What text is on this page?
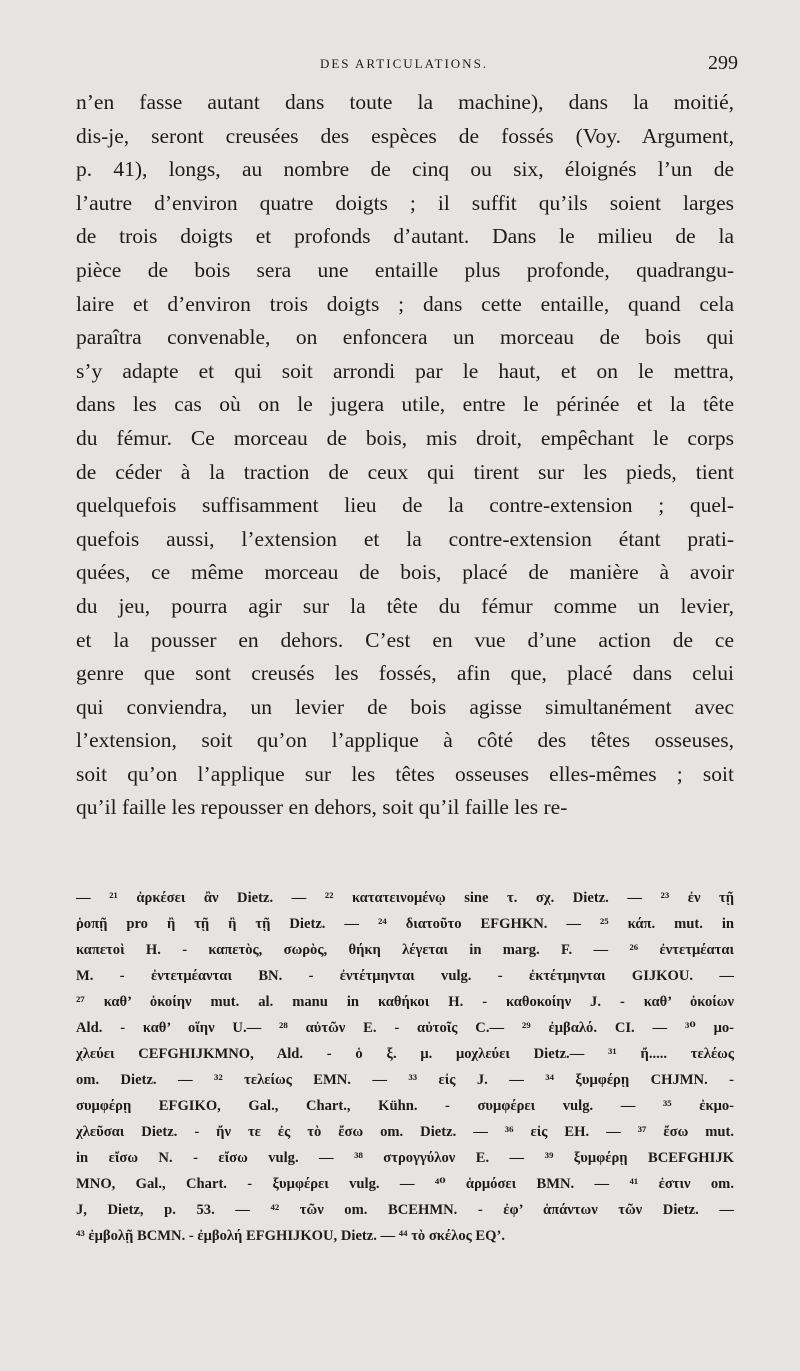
DES ARTICULATIONS.	299
n’en fasse autant dans toute la machine), dans la moitié,
dis-je, seront creusées des espèces de fossés (Voy. Argument,
p. 41), longs, au nombre de cinq ou six, éloignés l’un de
l’autre d’environ quatre doigts ; il suffit qu’ils soient larges
de trois doigts et profonds d’autant. Dans le milieu de la
pièce de bois sera une entaille plus profonde, quadrangu-
laire et d’environ trois doigts ; dans cette entaille, quand cela
paraîtra convenable, on enfoncera un morceau de bois qui
s’y adapte et qui soit arrondi par le haut, et on le mettra,
dans les cas où on le jugera utile, entre le périnée et la tête
du fémur. Ce morceau de bois, mis droit, empêchant le corps
de céder à la traction de ceux qui tirent sur les pieds, tient
quelquefois suffisamment lieu de la contre-extension ; quel-
quefois aussi, l’extension et la contre-extension étant prati-
quées, ce même morceau de bois, placé de manière à avoir
du jeu, pourra agir sur la tête du fémur comme un levier,
et la pousser en dehors. C’est en vue d’une action de ce
genre que sont creusés les fossés, afin que, placé dans celui
qui conviendra, un levier de bois agisse simultanément avec
l’extension, soit qu’on l’applique à côté des têtes osseuses,
soit qu’on l’applique sur les têtes osseuses elles-mêmes ; soit
qu’il faille les repousser en dehors, soit qu’il faille les re-
— ²¹ ἀρκέσει ἂν Dietz. — ²² κατατεινομένῳ sine τ. σχ. Dietz. — ²³ ἐν τῇ
ῥοπῇ pro ἢ τῇ ἢ τῇ Dietz. — ²⁴ διατοῦτο EFGHKN. — ²⁵ κάπ. mut. in
καπετοὶ H. - καπετὸς, σωρὸς, θήκη λέγεται in marg. F. — ²⁶ ἐντετμέαται
M. - ἐντετμέανται BN. - ἐντέτμηνται vulg. - ἐκτέτμηνται GIJKOU. —
²⁷ καθ’ ὁκοίην mut. al. manu in καθήκοι H. - καθοκοίην J. - καθ’ ὁκοίων
Ald. - καθ’ οἵην U.— ²⁸ αὐτῶν E. - αὐτοῖς C.— ²⁹ ἐμβαλό. CI. — ³⁰ μο-
χλεύει CEFGHIJKMNO, Ald. - ὁ ξ. μ. μοχλεύει Dietz.— ³¹ ἤ..... τελέως
om. Dietz. — ³² τελείως EMN. — ³³ εἰς J. — ³⁴ ξυμφέρῃ CHJMN. -
συμφέρῃ EFGIKO, Gal., Chart., Kühn. - συμφέρει vulg. — ³⁵ ἐκμο-
χλεῦσαι Dietz. - ἤν τε ἐς τὸ ἔσω om. Dietz. — ³⁶ εἰς EH. — ³⁷ ἔσω mut.
in εἴσω N. - εἴσω vulg. — ³⁸ στρογγύλον E. — ³⁹ ξυμφέρῃ BCEFGHIJK
MNO, Gal., Chart. - ξυμφέρει vulg. — ⁴⁰ ἁρμόσει BMN. — ⁴¹ ἐστιν om.
J, Dietz, p. 53. — ⁴² τῶν om. BCEHMN. - ἐφ’ ἁπάντων τῶν Dietz. —
⁴³ ἐμβολῇ BCMN. - ἐμβολή EFGHIJKOU, Dietz. — ⁴⁴ τὸ σκέλος EQ’.
